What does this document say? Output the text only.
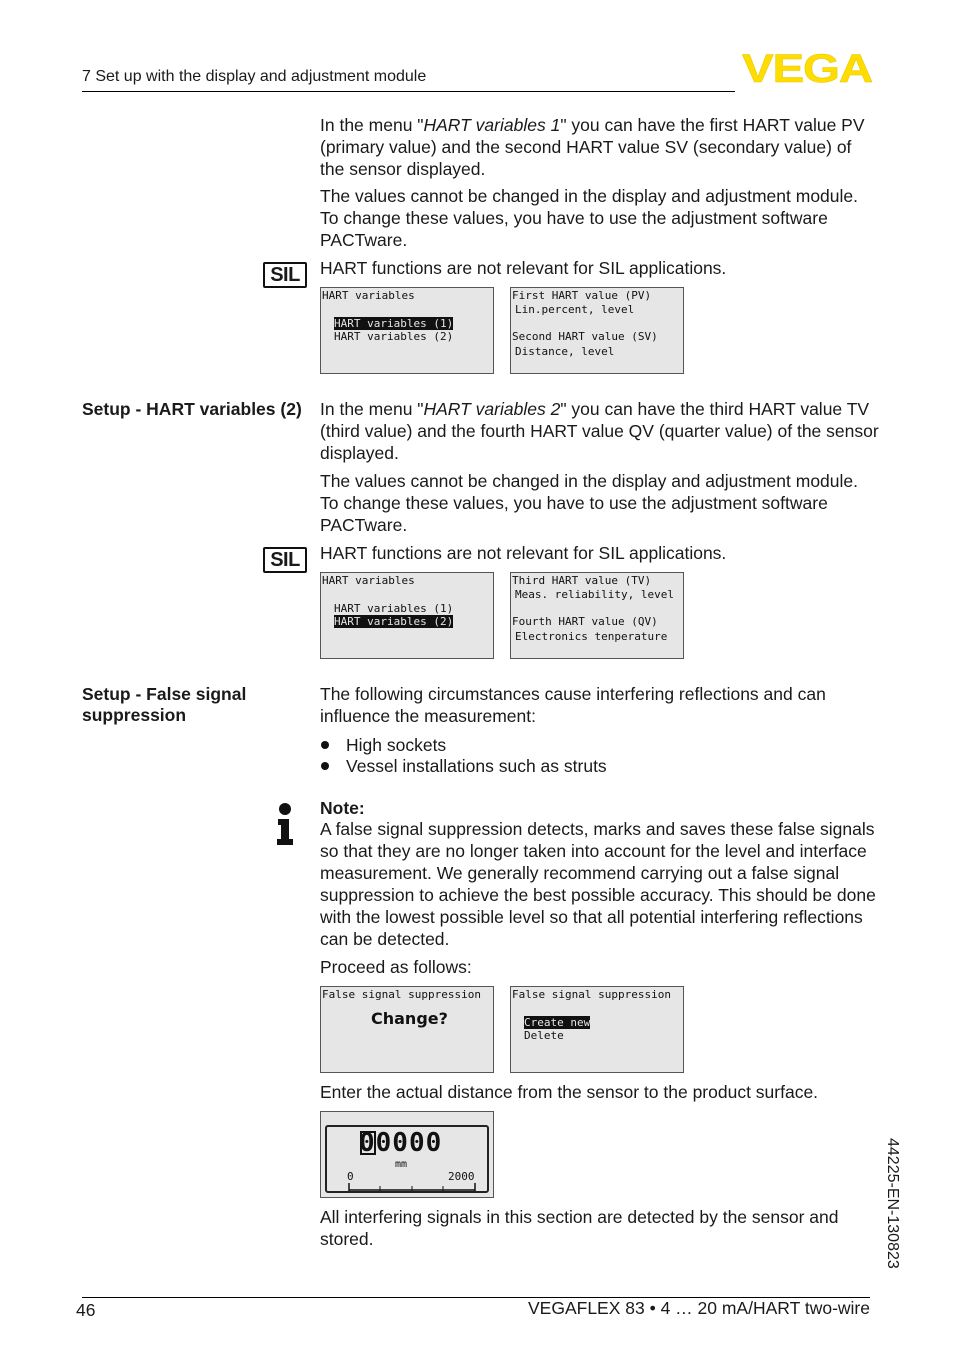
7 Set up with the display and adjustment module	VEGA
In the menu "HART variables 1" you can have the first HART value PV (primary value) and the second HART value SV (secondary value) of the sensor displayed.
The values cannot be changed in the display and adjustment module. To change these values, you have to use the adjustment software PACTware.
SIL	HART functions are not relevant for SIL applications.
HART variables
HART variables (1)
HART variables (2)
First HART value (PV)
Lin.percent, level
Second HART value (SV)
Distance, level
Setup - HART variables (2) In the menu "HART variables 2" you can have the third HART value TV (third value) and the fourth HART value QV (quarter value) of the sensor displayed.
The values cannot be changed in the display and adjustment module. To change these values, you have to use the adjustment software PACTware.
SIL	HART functions are not relevant for SIL applications.
HART variables
HART variables (1)
HART variables (2)
Third HART value (TV)
Meas. reliability, level
Fourth HART value (QV)
Electronics tenperature
Setup - False signal suppression
The following circumstances cause interfering reflections and can influence the measurement:
High sockets
Vessel installations such as struts
Note:
A false signal suppression detects, marks and saves these false signals so that they are no longer taken into account for the level and interface measurement. We generally recommend carrying out a false signal suppression to achieve the best possible accuracy. This should be done with the lowest possible level so that all potential interfering reflections can be detected.
Proceed as follows:
False signal suppression
Change?
False signal suppression
Create new
Delete
Enter the actual distance from the sensor to the product surface.
00000
mm
0	2000
All interfering signals in this section are detected by the sensor and stored.	44225-EN-130823
46	VEGAFLEX 83 • 4 … 20 mA/HART two-wire
